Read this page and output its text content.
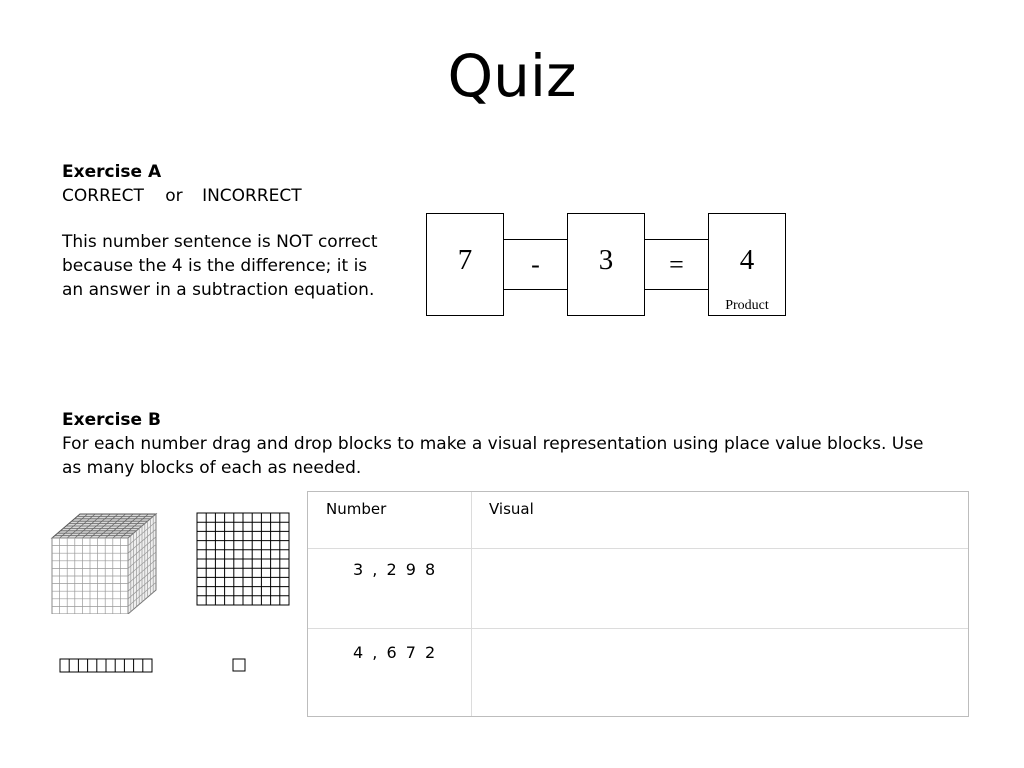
Quiz
Exercise A
CORRECT or INCORRECT
This number sentence is NOT correct because the 4 is the difference; it is an answer in a subtraction equation.
-	=
7	3	4
Product
Exercise B
For each number drag and drop blocks to make a visual representation using place value blocks. Use as many blocks of each as needed.
Number	Visual
3 , 2 9 8
4 , 6 7 2
